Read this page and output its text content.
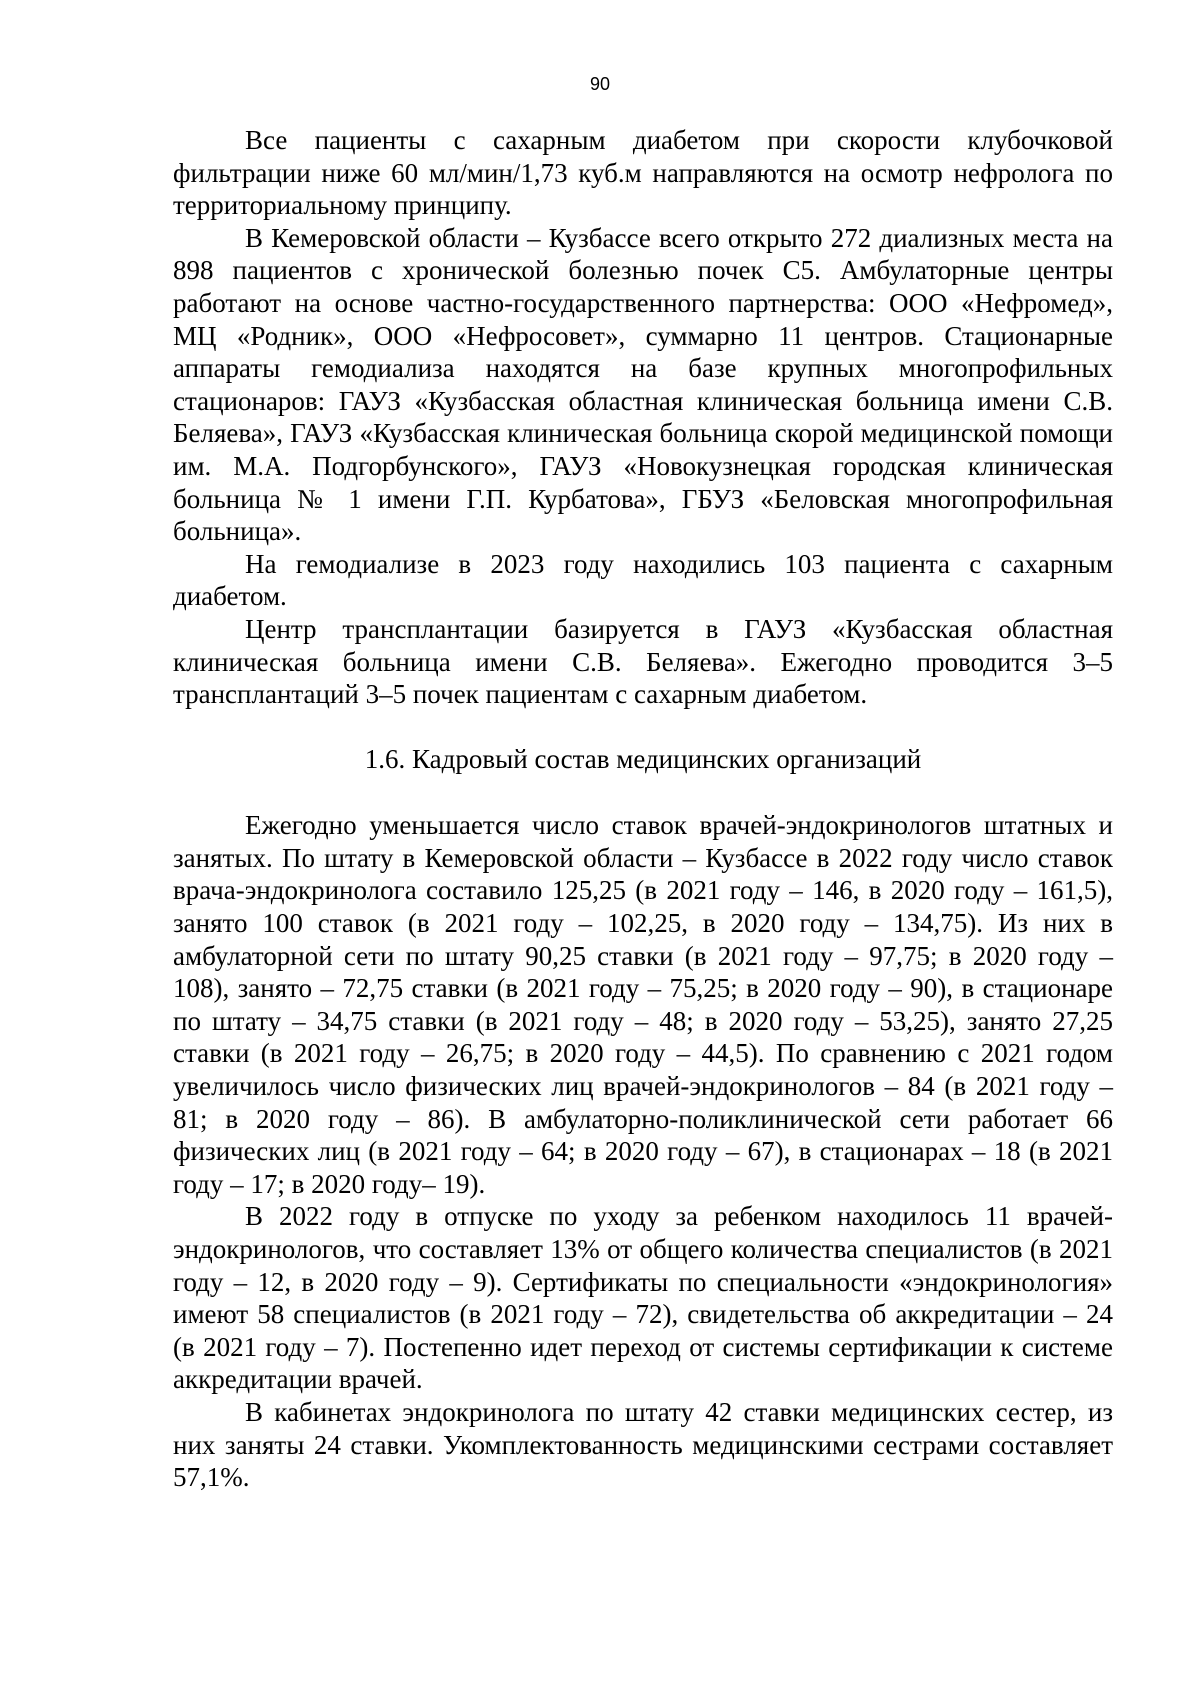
90

Все пациенты с сахарным диабетом при скорости клубочковой фильтрации ниже 60 мл/мин/1,73 куб.м направляются на осмотр нефролога по территориальному принципу.

В Кемеровской области – Кузбассе всего открыто 272 диализных места на 898 пациентов с хронической болезнью почек С5. Амбулаторные центры работают на основе частно-государственного партнерства: ООО «Нефромед», МЦ «Родник», ООО «Нефросовет», суммарно 11 центров. Стационарные аппараты гемодиализа находятся на базе крупных многопрофильных стационаров: ГАУЗ «Кузбасская областная клиническая больница имени С.В. Беляева», ГАУЗ «Кузбасская клиническая больница скорой медицинской помощи им. М.А. Подгорбунского», ГАУЗ «Новокузнецкая городская клиническая больница № 1 имени Г.П. Курбатова», ГБУЗ «Беловская многопрофильная больница».

На гемодиализе в 2023 году находились 103 пациента с сахарным диабетом.

Центр трансплантации базируется в ГАУЗ «Кузбасская областная клиническая больница имени С.В. Беляева». Ежегодно проводится 3–5 трансплантаций 3–5 почек пациентам с сахарным диабетом.

1.6. Кадровый состав медицинских организаций

Ежегодно уменьшается число ставок врачей-эндокринологов штатных и занятых. По штату в Кемеровской области – Кузбассе в 2022 году число ставок врача-эндокринолога составило 125,25 (в 2021 году – 146, в 2020 году – 161,5), занято 100 ставок (в 2021 году – 102,25, в 2020 году – 134,75). Из них в амбулаторной сети по штату 90,25 ставки (в 2021 году – 97,75; в 2020 году – 108), занято – 72,75 ставки (в 2021 году – 75,25; в 2020 году – 90), в стационаре по штату – 34,75 ставки (в 2021 году – 48; в 2020 году – 53,25), занято 27,25 ставки (в 2021 году – 26,75; в 2020 году – 44,5). По сравнению с 2021 годом увеличилось число физических лиц врачей-эндокринологов – 84 (в 2021 году – 81; в 2020 году – 86). В амбулаторно-поликлинической сети работает 66 физических лиц (в 2021 году – 64; в 2020 году – 67), в стационарах – 18 (в 2021 году – 17; в 2020 году– 19).

В 2022 году в отпуске по уходу за ребенком находилось 11 врачей-эндокринологов, что составляет 13% от общего количества специалистов (в 2021 году – 12, в 2020 году – 9). Сертификаты по специальности «эндокринология» имеют 58 специалистов (в 2021 году – 72), свидетельства об аккредитации – 24 (в 2021 году – 7). Постепенно идет переход от системы сертификации к системе аккредитации врачей.

В кабинетах эндокринолога по штату 42 ставки медицинских сестер, из них заняты 24 ставки. Укомплектованность медицинскими сестрами составляет 57,1%.
